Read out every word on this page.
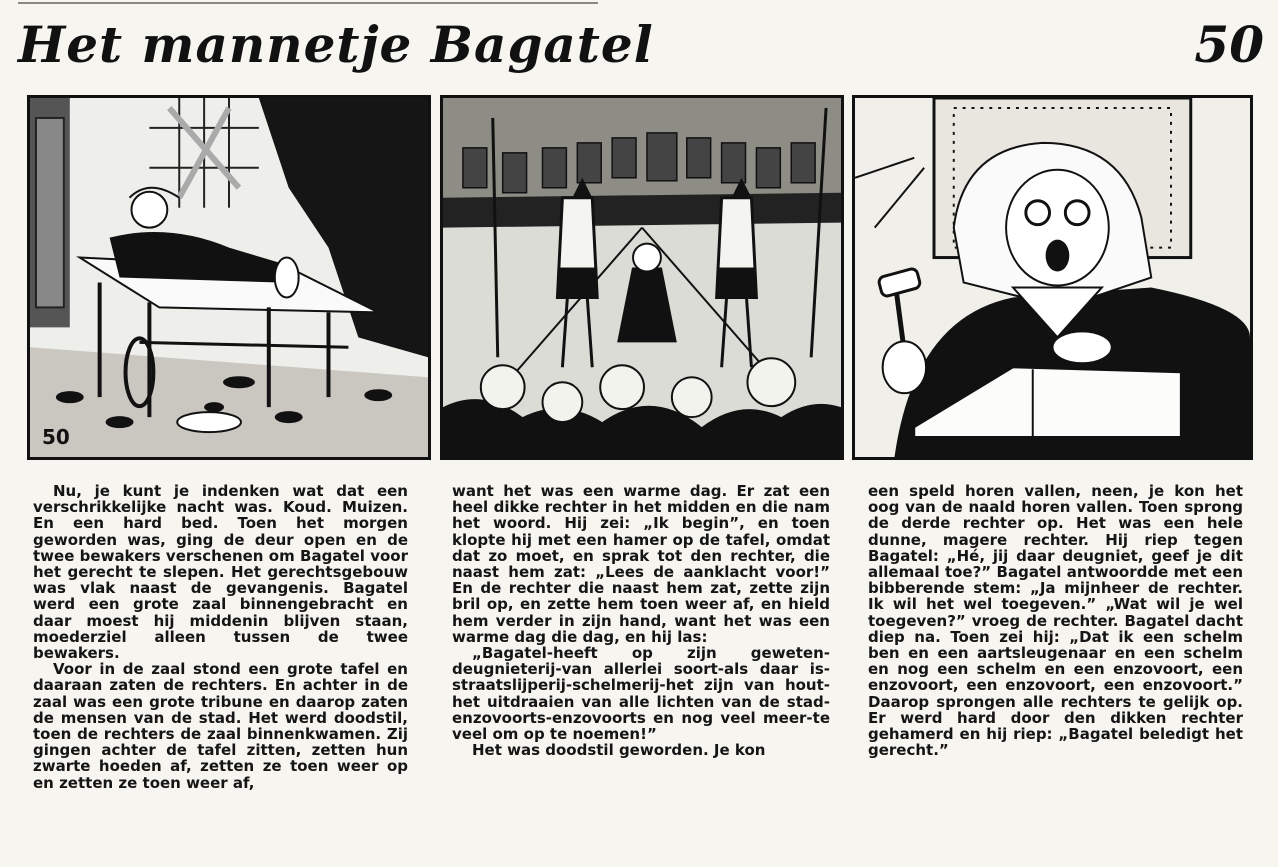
Het mannetje Bagatel	50
50

Nu, je kunt je indenken wat dat een verschrikkelijke nacht was. Koud. Muizen. En een hard bed. Toen het morgen geworden was, ging de deur open en de twee bewakers verschenen om Bagatel voor het gerecht te slepen. Het gerechtsgebouw was vlak naast de gevangenis. Bagatel werd een grote zaal binnengebracht en daar moest hij middenin blijven staan, moederziel alleen tussen de twee bewakers.

Voor in de zaal stond een grote tafel en daaraan zaten de rechters. En achter in de zaal was een grote tribune en daarop zaten de mensen van de stad. Het werd doodstil, toen de rechters de zaal binnenkwamen. Zij gingen achter de tafel zitten, zetten hun zwarte hoeden af, zetten ze toen weer op en zetten ze toen weer af,

want het was een warme dag. Er zat een heel dikke rechter in het midden en die nam het woord. Hij zei: „Ik begin”, en toen klopte hij met een hamer op de tafel, omdat dat zo moet, en sprak tot den rechter, die naast hem zat: „Lees de aanklacht voor!” En de rechter die naast hem zat, zette zijn bril op, en zette hem toen weer af, en hield hem verder in zijn hand, want het was een warme dag die dag, en hij las:

„Bagatel-heeft op zijn geweten-deugnieterij-van allerlei soort-als daar is-straatslijperij-schelmerij-het zijn van hout-het uitdraaien van alle lichten van de stad-enzovoorts-enzovoorts en nog veel meer-te veel om op te noemen!”

Het was doodstil geworden. Je kon

een speld horen vallen, neen, je kon het oog van de naald horen vallen. Toen sprong de derde rechter op. Het was een hele dunne, magere rechter. Hij riep tegen Bagatel: „Hé, jij daar deugniet, geef je dit allemaal toe?” Bagatel antwoordde met een bibberende stem: „Ja mijnheer de rechter. Ik wil het wel toegeven.” „Wat wil je wel toegeven?” vroeg de rechter. Bagatel dacht diep na. Toen zei hij: „Dat ik een schelm ben en een aartsleugenaar en een schelm en nog een schelm en een enzovoort, een enzovoort, een enzovoort, een enzovoort.” Daarop sprongen alle rechters te gelijk op. Er werd hard door den dikken rechter gehamerd en hij riep: „Bagatel beledigt het gerecht.”
